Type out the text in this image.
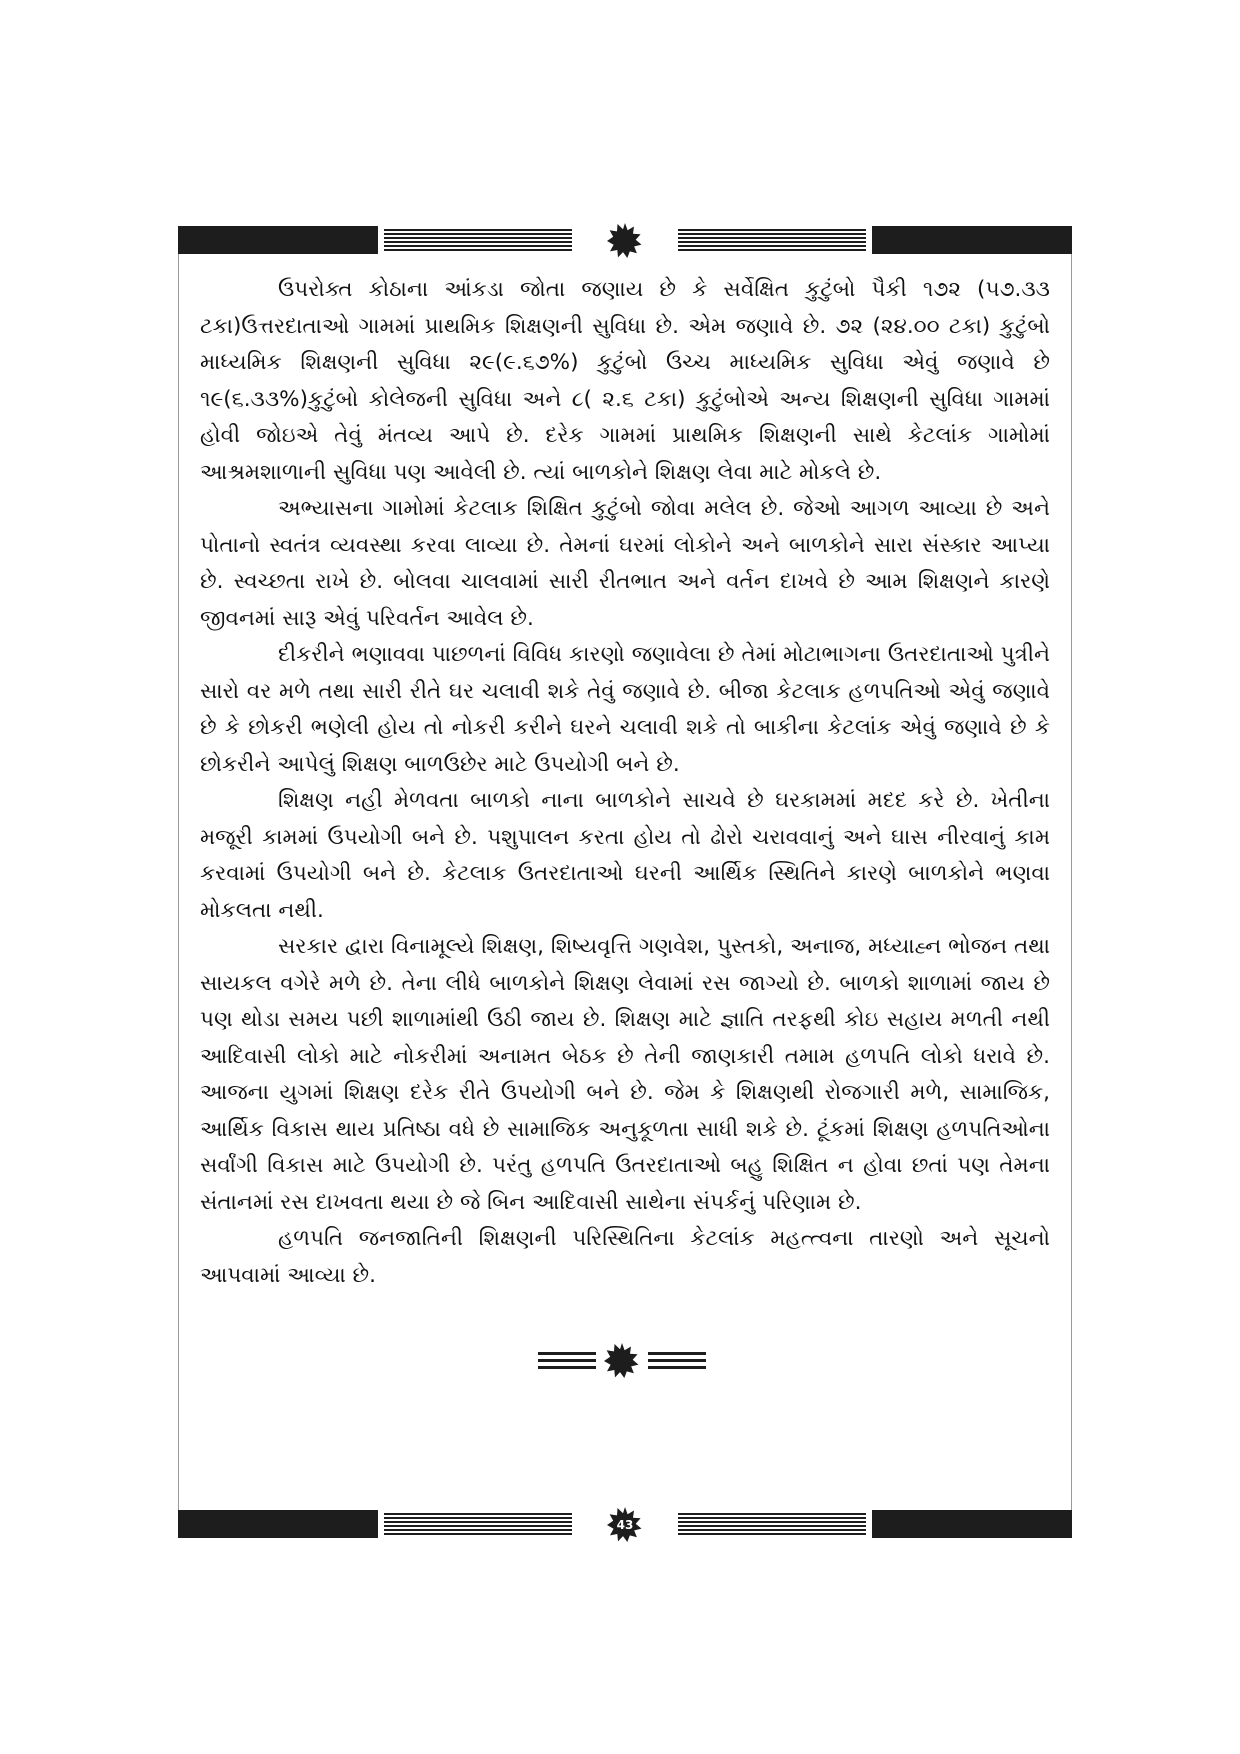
ઉપરોક્ત કોઠાના આંકડા જોતા જણાય છે કે સર્વેક્ષિત કુટુંબો પૈકી ૧૭૨ (૫૭.૩૩ ટકા)ઉત્તરદાતાઓ ગામમાં પ્રાથમિક શિક્ષણની સુવિધા છે. એમ જણાવે છે. ૭૨ (૨૪.૦૦ ટકા) કુટુંબો માધ્યમિક શિક્ષણની સુવિધા ૨૯(૯.૬૭%) કુટુંબો ઉચ્ચ માધ્યમિક સુવિધા એવું જણાવે છે ૧૯(૬.૩૩%)કુટુંબો કોલેજની સુવિધા અને ૮( ૨.૬ ટકા) કુટુંબોએ અન્ય શિક્ષણની સુવિધા ગામમાં હોવી જોઇએ તેવું મંતવ્ય આપે છે. દરેક ગામમાં પ્રાથમિક શિક્ષણની સાથે કેટલાંક ગામોમાં આશ્રમશાળાની સુવિધા પણ આવેલી છે. ત્યાં બાળકોને શિક્ષણ લેવા માટે મોકલે છે.

અભ્યાસના ગામોમાં કેટલાક શિક્ષિત કુટુંબો જોવા મલેલ છે. જેઓ આગળ આવ્યા છે અને પોતાનો સ્વતંત્ર વ્યવસ્થા કરવા લાવ્યા છે. તેમનાં ઘરમાં લોકોને અને બાળકોને સારા સંસ્કાર આપ્યા છે. સ્વચ્છતા રાખે છે. બોલવા ચાલવામાં સારી રીતભાત અને વર્તન દાખવે છે આમ શિક્ષણને કારણે જીવનમાં સારૂ એવું પરિવર્તન આવેલ છે.

દીકરીને ભણાવવા પાછળનાં વિવિધ કારણો જણાવેલા છે તેમાં મોટાભાગના ઉતરદાતાઓ પુત્રીને સારો વર મળે તથા સારી રીતે ઘર ચલાવી શકે તેવું જણાવે છે. બીજા કેટલાક હળપતિઓ એવું જણાવે છે કે છોકરી ભણેલી હોય તો નોકરી કરીને ઘરને ચલાવી શકે તો બાકીના કેટલાંક એવું જણાવે છે કે છોકરીને આપેલું શિક્ષણ બાળઉછેર માટે ઉપયોગી બને છે.

શિક્ષણ નહી મેળવતા બાળકો નાના બાળકોને સાચવે છે ઘરકામમાં મદદ કરે છે. ખેતીના મજૂરી કામમાં ઉપયોગી બને છે. પશુપાલન કરતા હોય તો ઢોરો ચરાવવાનું અને ઘાસ નીરવાનું કામ કરવામાં ઉપયોગી બને છે. કેટલાક ઉતરદાતાઓ ઘરની આર્થિક સ્થિતિને કારણે બાળકોને ભણવા મોકલતા નથી.

સરકાર દ્વારા વિનામૂલ્યે શિક્ષણ, શિષ્યવૃત્તિ ગણવેશ, પુસ્તકો, અનાજ, મધ્યાહ્ન ભોજન તથા સાયકલ વગેરે મળે છે. તેના લીધે બાળકોને શિક્ષણ લેવામાં રસ જાગ્યો છે. બાળકો શાળામાં જાય છે પણ થોડા સમય પછી શાળામાંથી ઉઠી જાય છે. શિક્ષણ માટે જ્ઞાતિ તરફથી કોઇ સહાય મળતી નથી આદિવાસી લોકો માટે નોકરીમાં અનામત બેઠક છે તેની જાણકારી તમામ હળપતિ લોકો ધરાવે છે. આજના યુગમાં શિક્ષણ દરેક રીતે ઉપયોગી બને છે. જેમ કે શિક્ષણથી રોજગારી મળે, સામાજિક, આર્થિક વિકાસ થાય પ્રતિષ્ઠા વધે છે સામાજિક અનુકૂળતા સાધી શકે છે. ટૂંકમાં શિક્ષણ હળપતિઓના સર્વાંગી વિકાસ માટે ઉપયોગી છે. પરંતુ હળપતિ ઉતરદાતાઓ બહુ શિક્ષિત ન હોવા છતાં પણ તેમના સંતાનમાં રસ દાખવતા થયા છે જે બિન આદિવાસી સાથેના સંપર્કનું પરિણામ છે.

હળપતિ જનજાતિની શિક્ષણની પરિસ્થિતિના કેટલાંક મહત્ત્વના તારણો અને સૂચનો આપવામાં આવ્યા છે.

43
